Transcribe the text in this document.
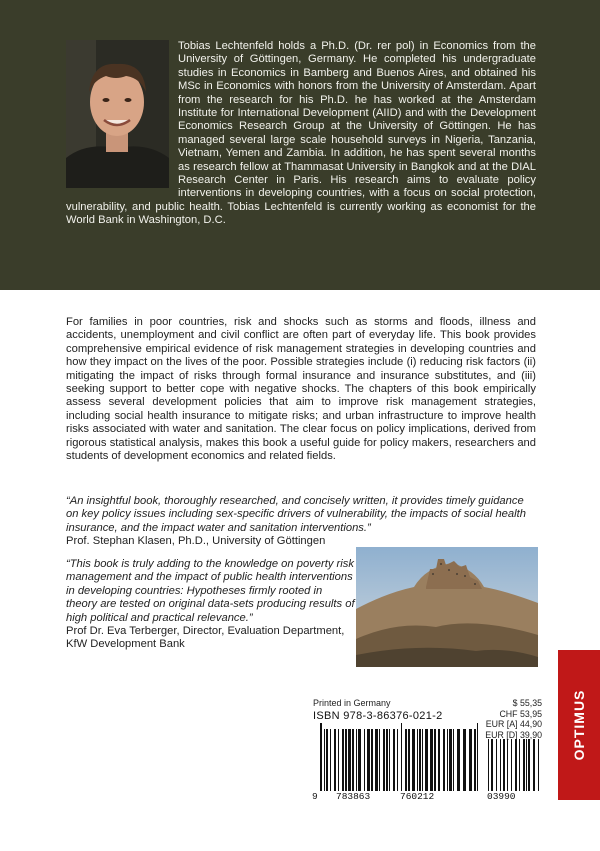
Tobias Lechtenfeld holds a Ph.D. (Dr. rer pol) in Economics from the University of Göttingen, Germany. He completed his undergraduate studies in Economics in Bamberg and Buenos Aires, and obtained his MSc in Economics with honors from the University of Amsterdam. Apart from the research for his Ph.D. he has worked at the Amsterdam Institute for International Development (AIID) and with the Development Economics Research Group at the University of Göttingen. He has managed several large scale household surveys in Nigeria, Tanzania, Vietnam, Yemen and Zambia. In addition, he has spent several months as research fellow at Thammasat University in Bangkok and at the DIAL Research Center in Paris. His research aims to evaluate policy interventions in developing countries, with a focus on social protection, vulnerability, and public health. Tobias Lechtenfeld is currently working as economist for the World Bank in Washington, D.C.

For families in poor countries, risk and shocks such as storms and floods, illness and accidents, unemployment and civil conflict are often part of everyday life. This book provides comprehensive empirical evidence of risk management strategies in developing countries and how they impact on the lives of the poor. Possible strategies include (i) reducing risk factors (ii) mitigating the impact of risks through formal insurance and insurance substitutes, and (iii) seeking support to better cope with negative shocks. The chapters of this book empirically assess several development policies that aim to improve risk management strategies, including social health insurance to mitigate risks; and urban infrastructure to improve health risks associated with water and sanitation. The clear focus on policy implications, derived from rigorous statistical analysis, makes this book a useful guide for policy makers, researchers and students of development economics and related fields.

“An insightful book, thoroughly researched, and concisely written, it provides timely guidance on key policy issues including sex-specific drivers of vulnerability, the impacts of social health insurance, and the impact water and sanitation interventions.”
Prof. Stephan Klasen, Ph.D., University of Göttingen
“This book is truly adding to the knowledge on poverty risk management and the impact of public health interventions in developing countries: Hypotheses firmly rooted in theory are tested on original data-sets producing results of high political and practical relevance.”
Prof Dr. Eva Terberger, Director, Evaluation Department, KfW Development Bank
Printed in Germany
ISBN 978-3-86376-021-2
$ 55,35
CHF 53,95
EUR [A] 44,90
EUR [D] 39,90
9 783863	760212	03990
OPTIMUS
